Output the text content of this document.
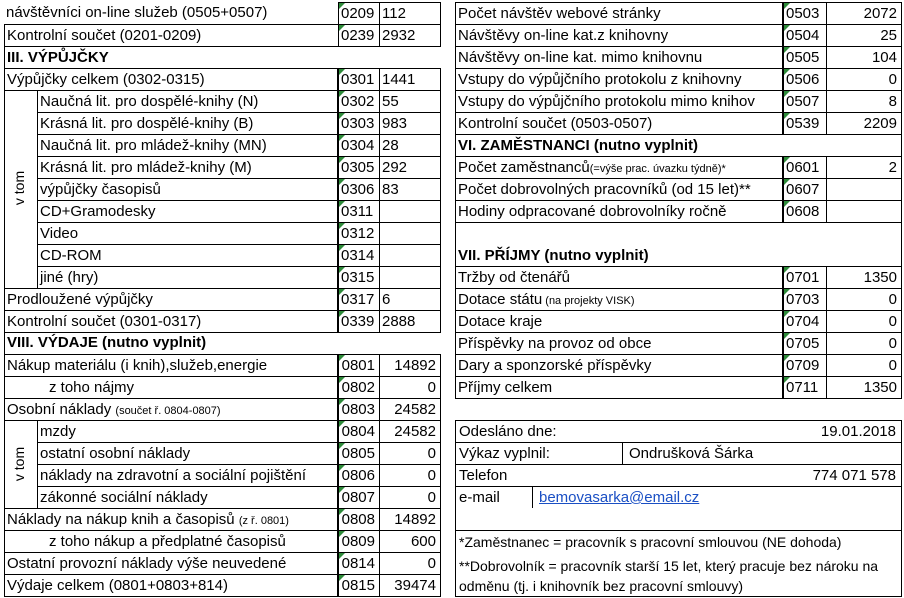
návštěvníci on-line služeb (0505+0507)	0209 112
Kontrolní součet (0201-0209)	0239 2932
III. VÝPŮJČKY
Výpůjčky celkem (0302-0315)	0301 1441
v tom
Naučná lit. pro dospělé-knihy (N)	0302 55
Krásná lit. pro dospělé-knihy (B)	0303 983
Naučná lit. pro mládež-knihy (MN)	0304 28
Krásná lit. pro mládež-knihy (M)	0305 292
výpůjčky časopisů	0306 83
CD+Gramodesky	0311
Video	0312
CD-ROM	0314
jiné (hry)	0315
Prodloužené výpůjčky	0317 6
Kontrolní součet (0301-0317)	0339 2888
VIII. VÝDAJE (nutno vyplnit)
Nákup materiálu (i knih),služeb,energie	0801	14892
z toho nájmy	0802	0
Osobní náklady (součet ř. 0804-0807)	0803	24582
v tom
mzdy	0804	24582
ostatní osobní náklady	0805	0
náklady na zdravotní a sociální pojištění	0806	0
zákonné sociální náklady	0807	0
Náklady na nákup knih a časopisů (z ř. 0801)	0808	14892
z toho nákup a předplatné časopisů	0809	600
Ostatní provozní náklady výše neuvedené	0814	0
Výdaje celkem (0801+0803+814)	0815	39474
Počet návštěv webové stránky	0503	2072
Návštěvy on-line kat.z knihovny	0504	25
Návštěvy on-line kat. mimo knihovnu	0505	104
Vstupy do výpůjčního protokolu z knihovny	0506	0
Vstupy do výpůjčního protokolu mimo knihov	0507	8
Kontrolní součet (0503-0507)	0539	2209
VI. ZAMĚSTNANCI (nutno vyplnit)
Počet zaměstnanců(=výše prac. úvazku týdně)*	0601	2
Počet dobrovolných pracovníků (od 15 let)**	0607
Hodiny odpracované dobrovolníky ročně	0608
VII. PŘÍJMY (nutno vyplnit)
Tržby od čtenářů	0701	1350
Dotace státu (na projekty VISK)	0703	0
Dotace kraje	0704	0
Příspěvky na provoz od obce	0705	0
Dary a sponzorské příspěvky	0709	0
Příjmy celkem	0711	1350
Odesláno dne:	19.01.2018
Výkaz vyplnil:	Ondrušková Šárka
Telefon	774 071 578
e-mail	bemovasarka@email.cz
*Zaměstnanec = pracovník s pracovní smlouvou (NE dohoda)
**Dobrovolník = pracovník starší 15 let, který pracuje bez nároku na odměnu (tj. i knihovník bez pracovní smlouvy)
